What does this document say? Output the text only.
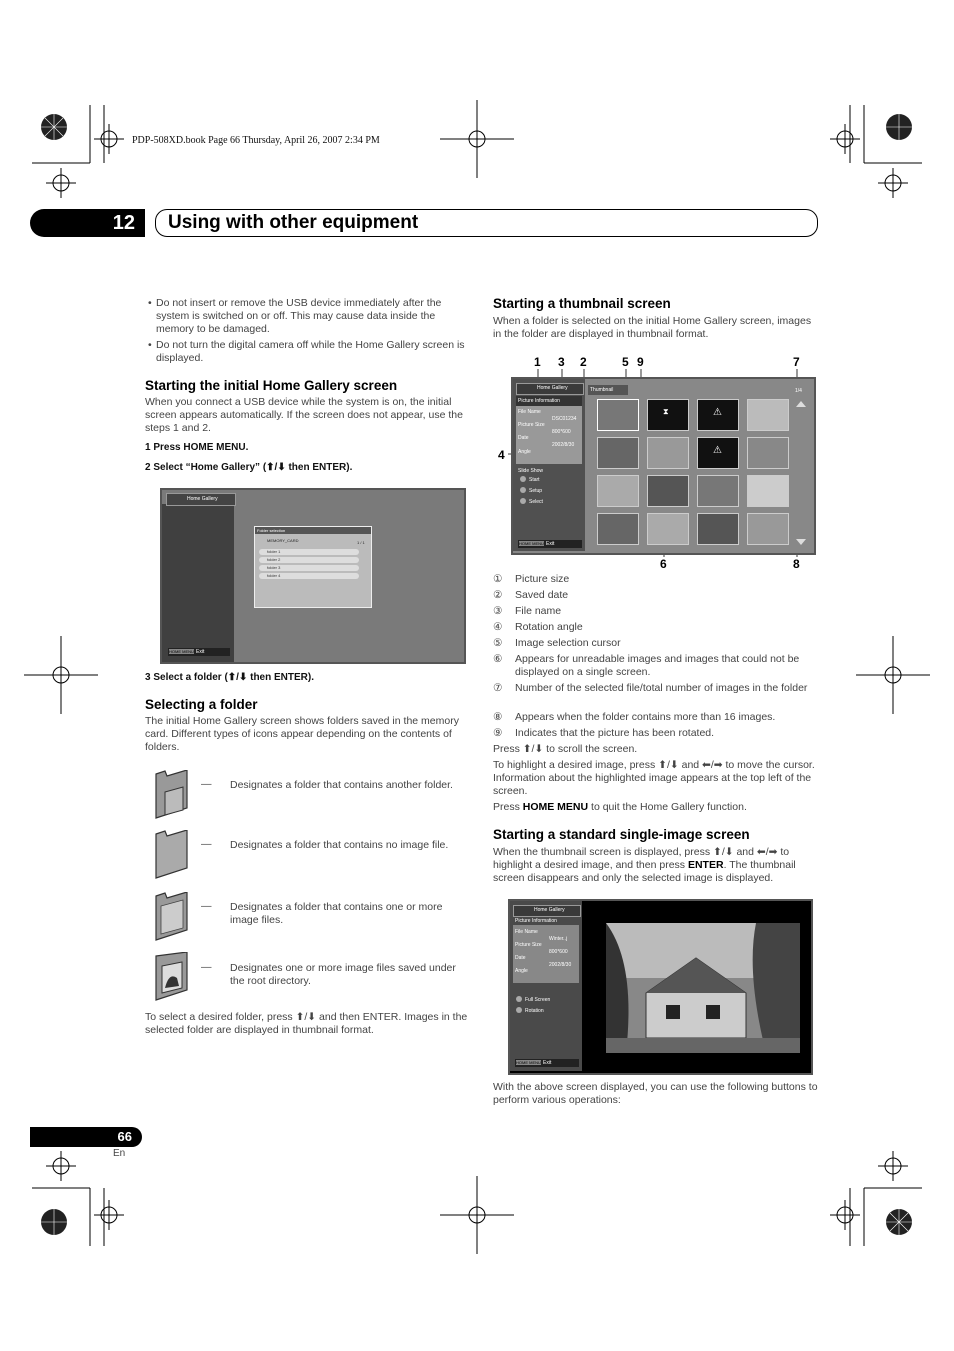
PDP-508XD.book Page 66 Thursday, April 26, 2007 2:34 PM
12	Using with other equipment
• Do not insert or remove the USB device immediately after the system is switched on or off. This may cause data inside the memory to be damaged.
• Do not turn the digital camera off while the Home Gallery screen is displayed.
Starting the initial Home Gallery screen
When you connect a USB device while the system is on, the initial screen appears automatically. If the screen does not appear, use the steps 1 and 2.
1 Press HOME MENU.
2 Select “Home Gallery” (⬆/⬇ then ENTER).
Home Gallery
Folder selection
MEMORY_CARD	1 / 1
folder 1
folder 2
folder 3
folder 4
HOME MENU Exit
3 Select a folder (⬆/⬇ then ENTER).
Selecting a folder
The initial Home Gallery screen shows folders saved in the memory card. Different types of icons appear depending on the contents of folders.
— Designates a folder that contains another folder.
— Designates a folder that contains no image file.
— Designates a folder that contains one or more image files.
— Designates one or more image files saved under the root directory.
To select a desired folder, press ⬆/⬇ and then ENTER. Images in the selected folder are displayed in thumbnail format.
Starting a thumbnail screen
When a folder is selected on the initial Home Gallery screen, images in the folder are displayed in thumbnail format.
1 3 2	5 9	7
4
6	8
Home Gallery
Picture Information
File Name
Picture Size
Date
Angle
DSC01234
800*600
2002/8/30
Slide Show
Start
Setup
Select
HOME MENU Exit
Thumbnail	1/4
⚠
⚠
⧗
① Picture size
② Saved date
③ File name
④ Rotation angle
⑤ Image selection cursor
⑥	Appears for unreadable images and images that could not be displayed on a single screen.
⑦	Number of the selected file/total number of images in the folder
⑧ Appears when the folder contains more than 16 images.
⑨ Indicates that the picture has been rotated.
Press ⬆/⬇ to scroll the screen.
To highlight a desired image, press ⬆/⬇ and ⬅/➡ to move the cursor. Information about the highlighted image appears at the top left of the screen.
Press HOME MENU to quit the Home Gallery function.
Starting a standard single-image screen
When the thumbnail screen is displayed, press ⬆/⬇ and ⬅/➡ to highlight a desired image, and then press ENTER. The thumbnail screen disappears and only the selected image is displayed.
Home Gallery
Picture Information
File Name
Picture Size
Date
Angle
Winter..j
800*600
2002/8/30
Full Screen
Rotation
HOME MENU Exit
With the above screen displayed, you can use the following buttons to perform various operations:
66
En
